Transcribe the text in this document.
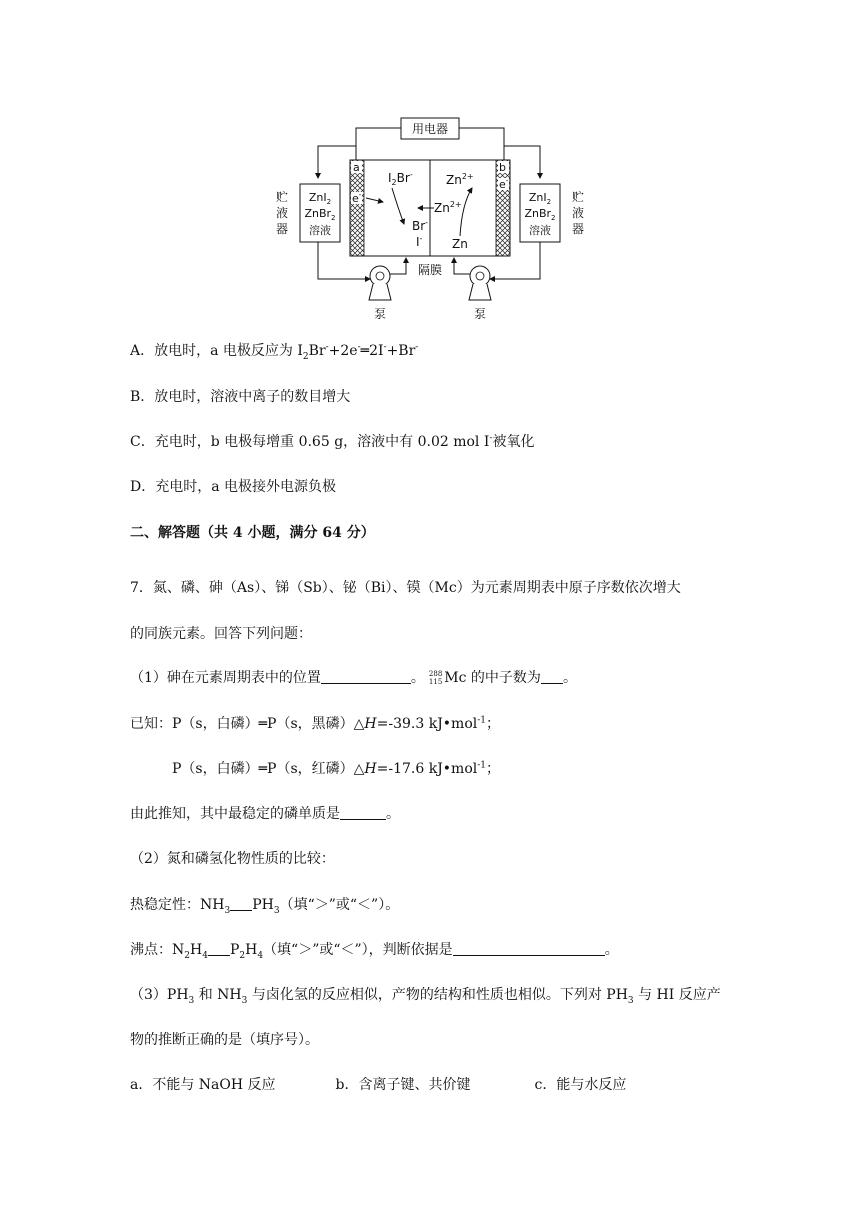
用电器
a	b
e-
e-
$I_2Br^-$
Br-
I-
$Zn^{2+}$
$Zn^{2+}$
Zn
ZnI$_2$
ZnBr$_2$
溶液
ZnI$_2$
ZnBr$_2$
溶液
贮
液
器
贮
液
器
隔膜
泵	泵
A．放电时，a 电极反应为 $I_2Br^-+2e^-═2I^-+Br^-$
B．放电时，溶液中离子的数目增大
C．充电时，b 电极每增重 0.65 g，溶液中有 0.02 mol I-被氧化
D．充电时，a 电极接外电源负极
二、解答题（共 4 小题，满分 64 分）
7．氮、磷、砷（As）、锑（Sb）、铋（Bi）、镆（Mc）为元素周期表中原子序数依次增大
的同族元素。回答下列问题：
（1）砷在元素周期表中的位置	。 288
115 Mc 的中子数为 。
已知：P（s，白磷）═P（s，黑磷）△H=-39.3 kJ•mol$^{-1}$；
P（s，白磷）═P（s，红磷）△H=-17.6 kJ•mol$^{-1}$；
由此推知，其中最稳定的磷单质是	。
（2）氮和磷氢化物性质的比较：
热稳定性：$NH_3$ $PH_3$（填“＞”或“＜”）。
沸点：$N_2H_4$ $P_2H_4$（填“＞”或“＜”），判断依据是	。
$(3)PH_3$ 和 $NH_3$ 与卤化氢的反应相似，产物的结构和性质也相似。下列对 $PH_3$ 与 HI 反应产
物的推断正确的是（填序号）。
a．不能与 NaOH 反应	b．含离子键、共价键	c．能与水反应
